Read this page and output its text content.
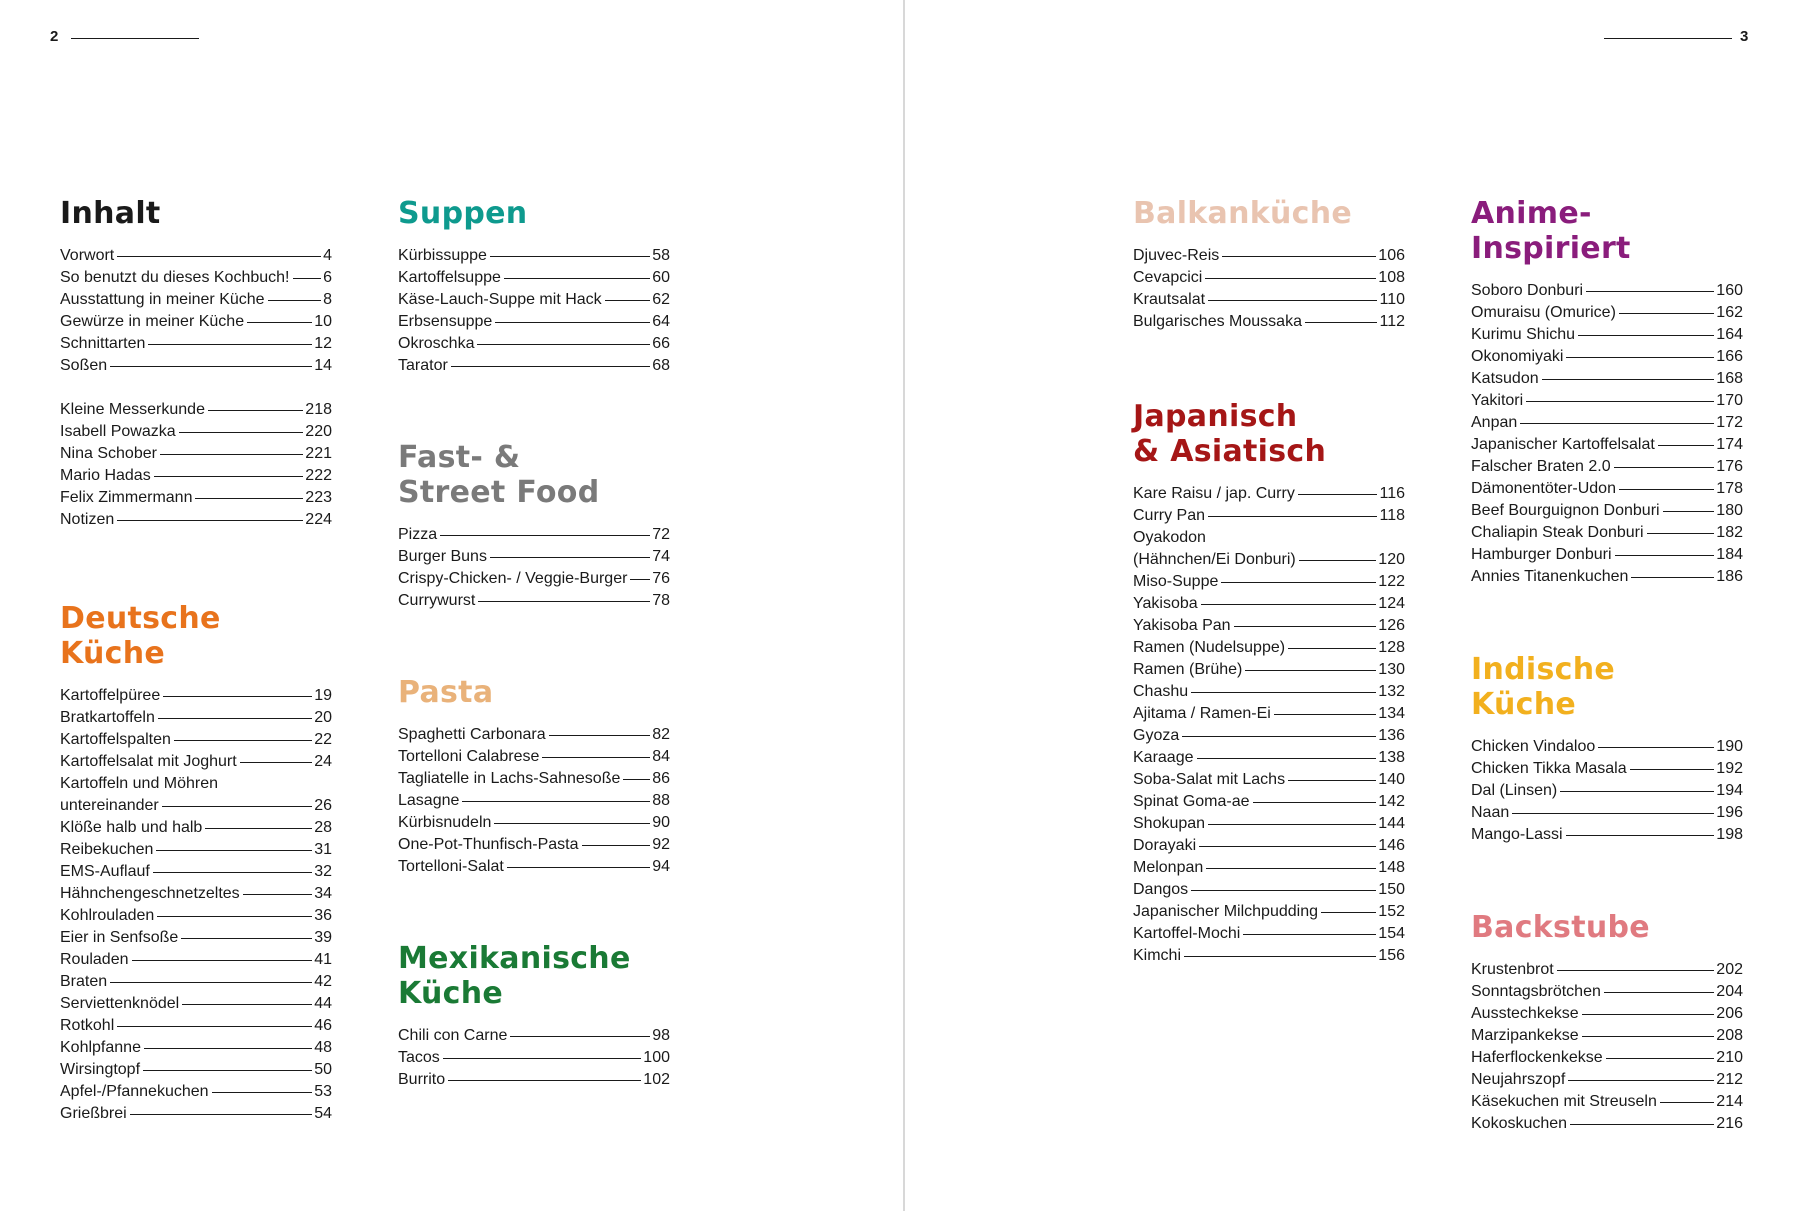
2	3
Inhalt
Vorwort	4
So benutzt du dieses Kochbuch! 6
Ausstattung in meiner Küche	8
Gewürze in meiner Küche	10
Schnittarten	12
Soßen	14
Kleine Messerkunde	218
Isabell Powazka	220
Nina Schober	221
Mario Hadas	222
Felix Zimmermann	223
Notizen	224
Deutsche
Küche
Kartoffelpüree	19
Bratkartoffeln	20
Kartoffelspalten	22
Kartoffelsalat mit Joghurt	24
Kartoffeln und Möhren
untereinander	26
Klöße halb und halb	28
Reibekuchen	31
EMS-Auflauf	32
Hähnchengeschnetzeltes	34
Kohlrouladen	36
Eier in Senfsoße	39
Rouladen	41
Braten	42
Serviettenknödel	44
Rotkohl	46
Kohlpfanne	48
Wirsingtopf	50
Apfel-/Pfannekuchen	53
Grießbrei	54
Suppen
Kürbissuppe	58
Kartoffelsuppe	60
Käse-Lauch-Suppe mit Hack	62
Erbsensuppe	64
Okroschka	66
Tarator	68
Fast- &
Street Food
Pizza	72
Burger Buns	74
Crispy-Chicken- / Veggie-Burger 76
Currywurst	78
Pasta
Spaghetti Carbonara	82
Tortelloni Calabrese	84
Tagliatelle in Lachs-Sahnesoße 86
Lasagne	88
Kürbisnudeln	90
One-Pot-Thunfisch-Pasta	92
Tortelloni-Salat	94
Mexikanische
Küche
Chili con Carne	98
Tacos	100
Burrito	102
Balkanküche
Djuvec-Reis	106
Cevapcici	108
Krautsalat	110
Bulgarisches Moussaka	112
Japanisch
& Asiatisch
Kare Raisu / jap. Curry	116
Curry Pan	118
Oyakodon
(Hähnchen/Ei Donburi)	120
Miso-Suppe	122
Yakisoba	124
Yakisoba Pan	126
Ramen (Nudelsuppe)	128
Ramen (Brühe)	130
Chashu	132
Ajitama / Ramen-Ei	134
Gyoza	136
Karaage	138
Soba-Salat mit Lachs	140
Spinat Goma-ae	142
Shokupan	144
Dorayaki	146
Melonpan	148
Dangos	150
Japanischer Milchpudding	152
Kartoffel-Mochi	154
Kimchi	156
Anime-
Inspiriert
Soboro Donburi	160
Omuraisu (Omurice)	162
Kurimu Shichu	164
Okonomiyaki	166
Katsudon	168
Yakitori	170
Anpan	172
Japanischer Kartoffelsalat	174
Falscher Braten 2.0	176
Dämonentöter-Udon	178
Beef Bourguignon Donburi	180
Chaliapin Steak Donburi	182
Hamburger Donburi	184
Annies Titanenkuchen	186
Indische
Küche
Chicken Vindaloo	190
Chicken Tikka Masala	192
Dal (Linsen)	194
Naan	196
Mango-Lassi	198
Backstube
Krustenbrot	202
Sonntagsbrötchen	204
Ausstechkekse	206
Marzipankekse	208
Haferflockenkekse	210
Neujahrszopf	212
Käsekuchen mit Streuseln	214
Kokoskuchen	216
